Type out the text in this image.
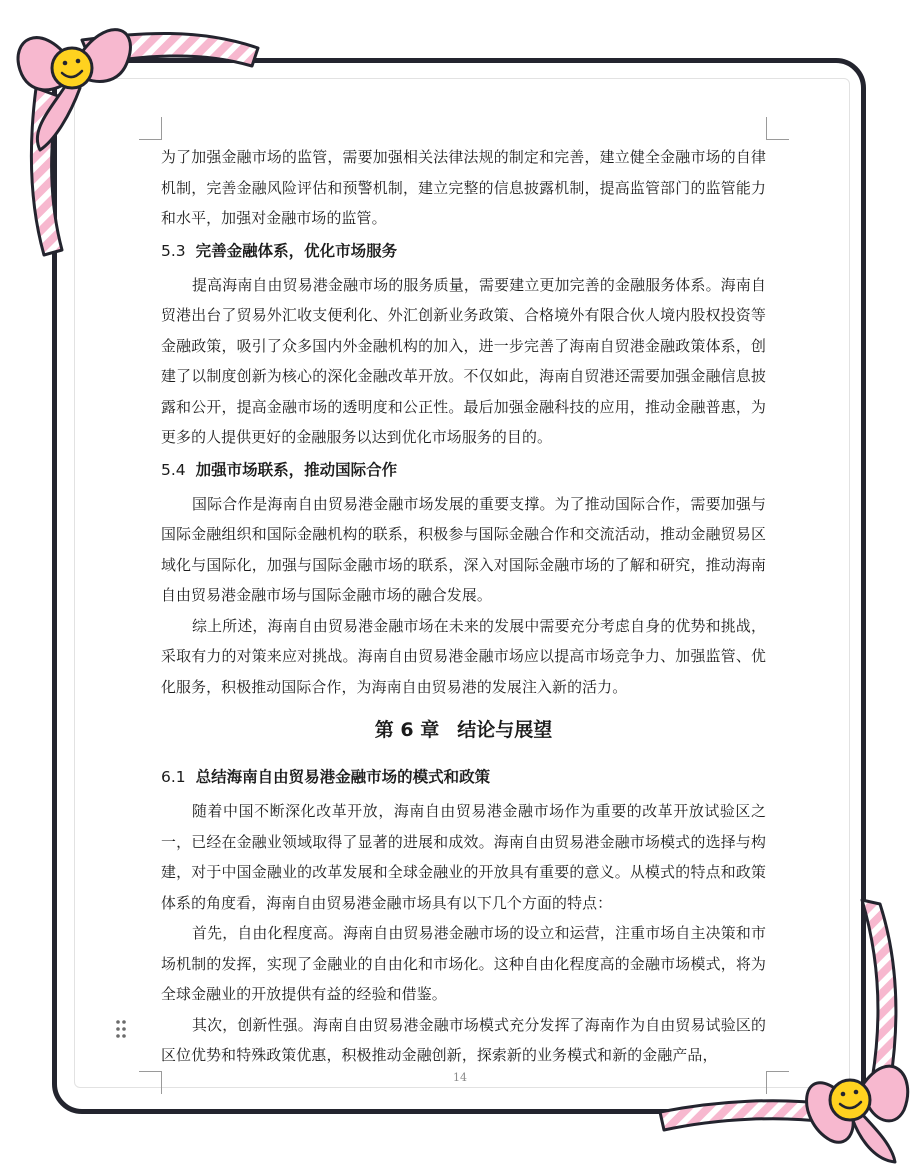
为了加强金融市场的监管，需要加强相关法律法规的制定和完善，建立健全金融市场的自律机制，完善金融风险评估和预警机制，建立完整的信息披露机制，提高监管部门的监管能力和水平，加强对金融市场的监管。

5.3 完善金融体系，优化市场服务

提高海南自由贸易港金融市场的服务质量，需要建立更加完善的金融服务体系。海南自贸港出台了贸易外汇收支便利化、外汇创新业务政策、合格境外有限合伙人境内股权投资等金融政策，吸引了众多国内外金融机构的加入，进一步完善了海南自贸港金融政策体系，创建了以制度创新为核心的深化金融改革开放。不仅如此，海南自贸港还需要加强金融信息披露和公开，提高金融市场的透明度和公正性。最后加强金融科技的应用，推动金融普惠，为更多的人提供更好的金融服务以达到优化市场服务的目的。

5.4 加强市场联系，推动国际合作

国际合作是海南自由贸易港金融市场发展的重要支撑。为了推动国际合作，需要加强与国际金融组织和国际金融机构的联系，积极参与国际金融合作和交流活动，推动金融贸易区域化与国际化，加强与国际金融市场的联系，深入对国际金融市场的了解和研究，推动海南自由贸易港金融市场与国际金融市场的融合发展。

综上所述，海南自由贸易港金融市场在未来的发展中需要充分考虑自身的优势和挑战，采取有力的对策来应对挑战。海南自由贸易港金融市场应以提高市场竞争力、加强监管、优化服务，积极推动国际合作，为海南自由贸易港的发展注入新的活力。

第 6 章 结论与展望
6.1 总结海南自由贸易港金融市场的模式和政策

随着中国不断深化改革开放，海南自由贸易港金融市场作为重要的改革开放试验区之一，已经在金融业领域取得了显著的进展和成效。海南自由贸易港金融市场模式的选择与构建，对于中国金融业的改革发展和全球金融业的开放具有重要的意义。从模式的特点和政策体系的角度看，海南自由贸易港金融市场具有以下几个方面的特点：

首先，自由化程度高。海南自由贸易港金融市场的设立和运营，注重市场自主决策和市场机制的发挥，实现了金融业的自由化和市场化。这种自由化程度高的金融市场模式，将为全球金融业的开放提供有益的经验和借鉴。

其次，创新性强。海南自由贸易港金融市场模式充分发挥了海南作为自由贸易试验区的区位优势和特殊政策优惠，积极推动金融创新，探索新的业务模式和新的金融产品，

14
